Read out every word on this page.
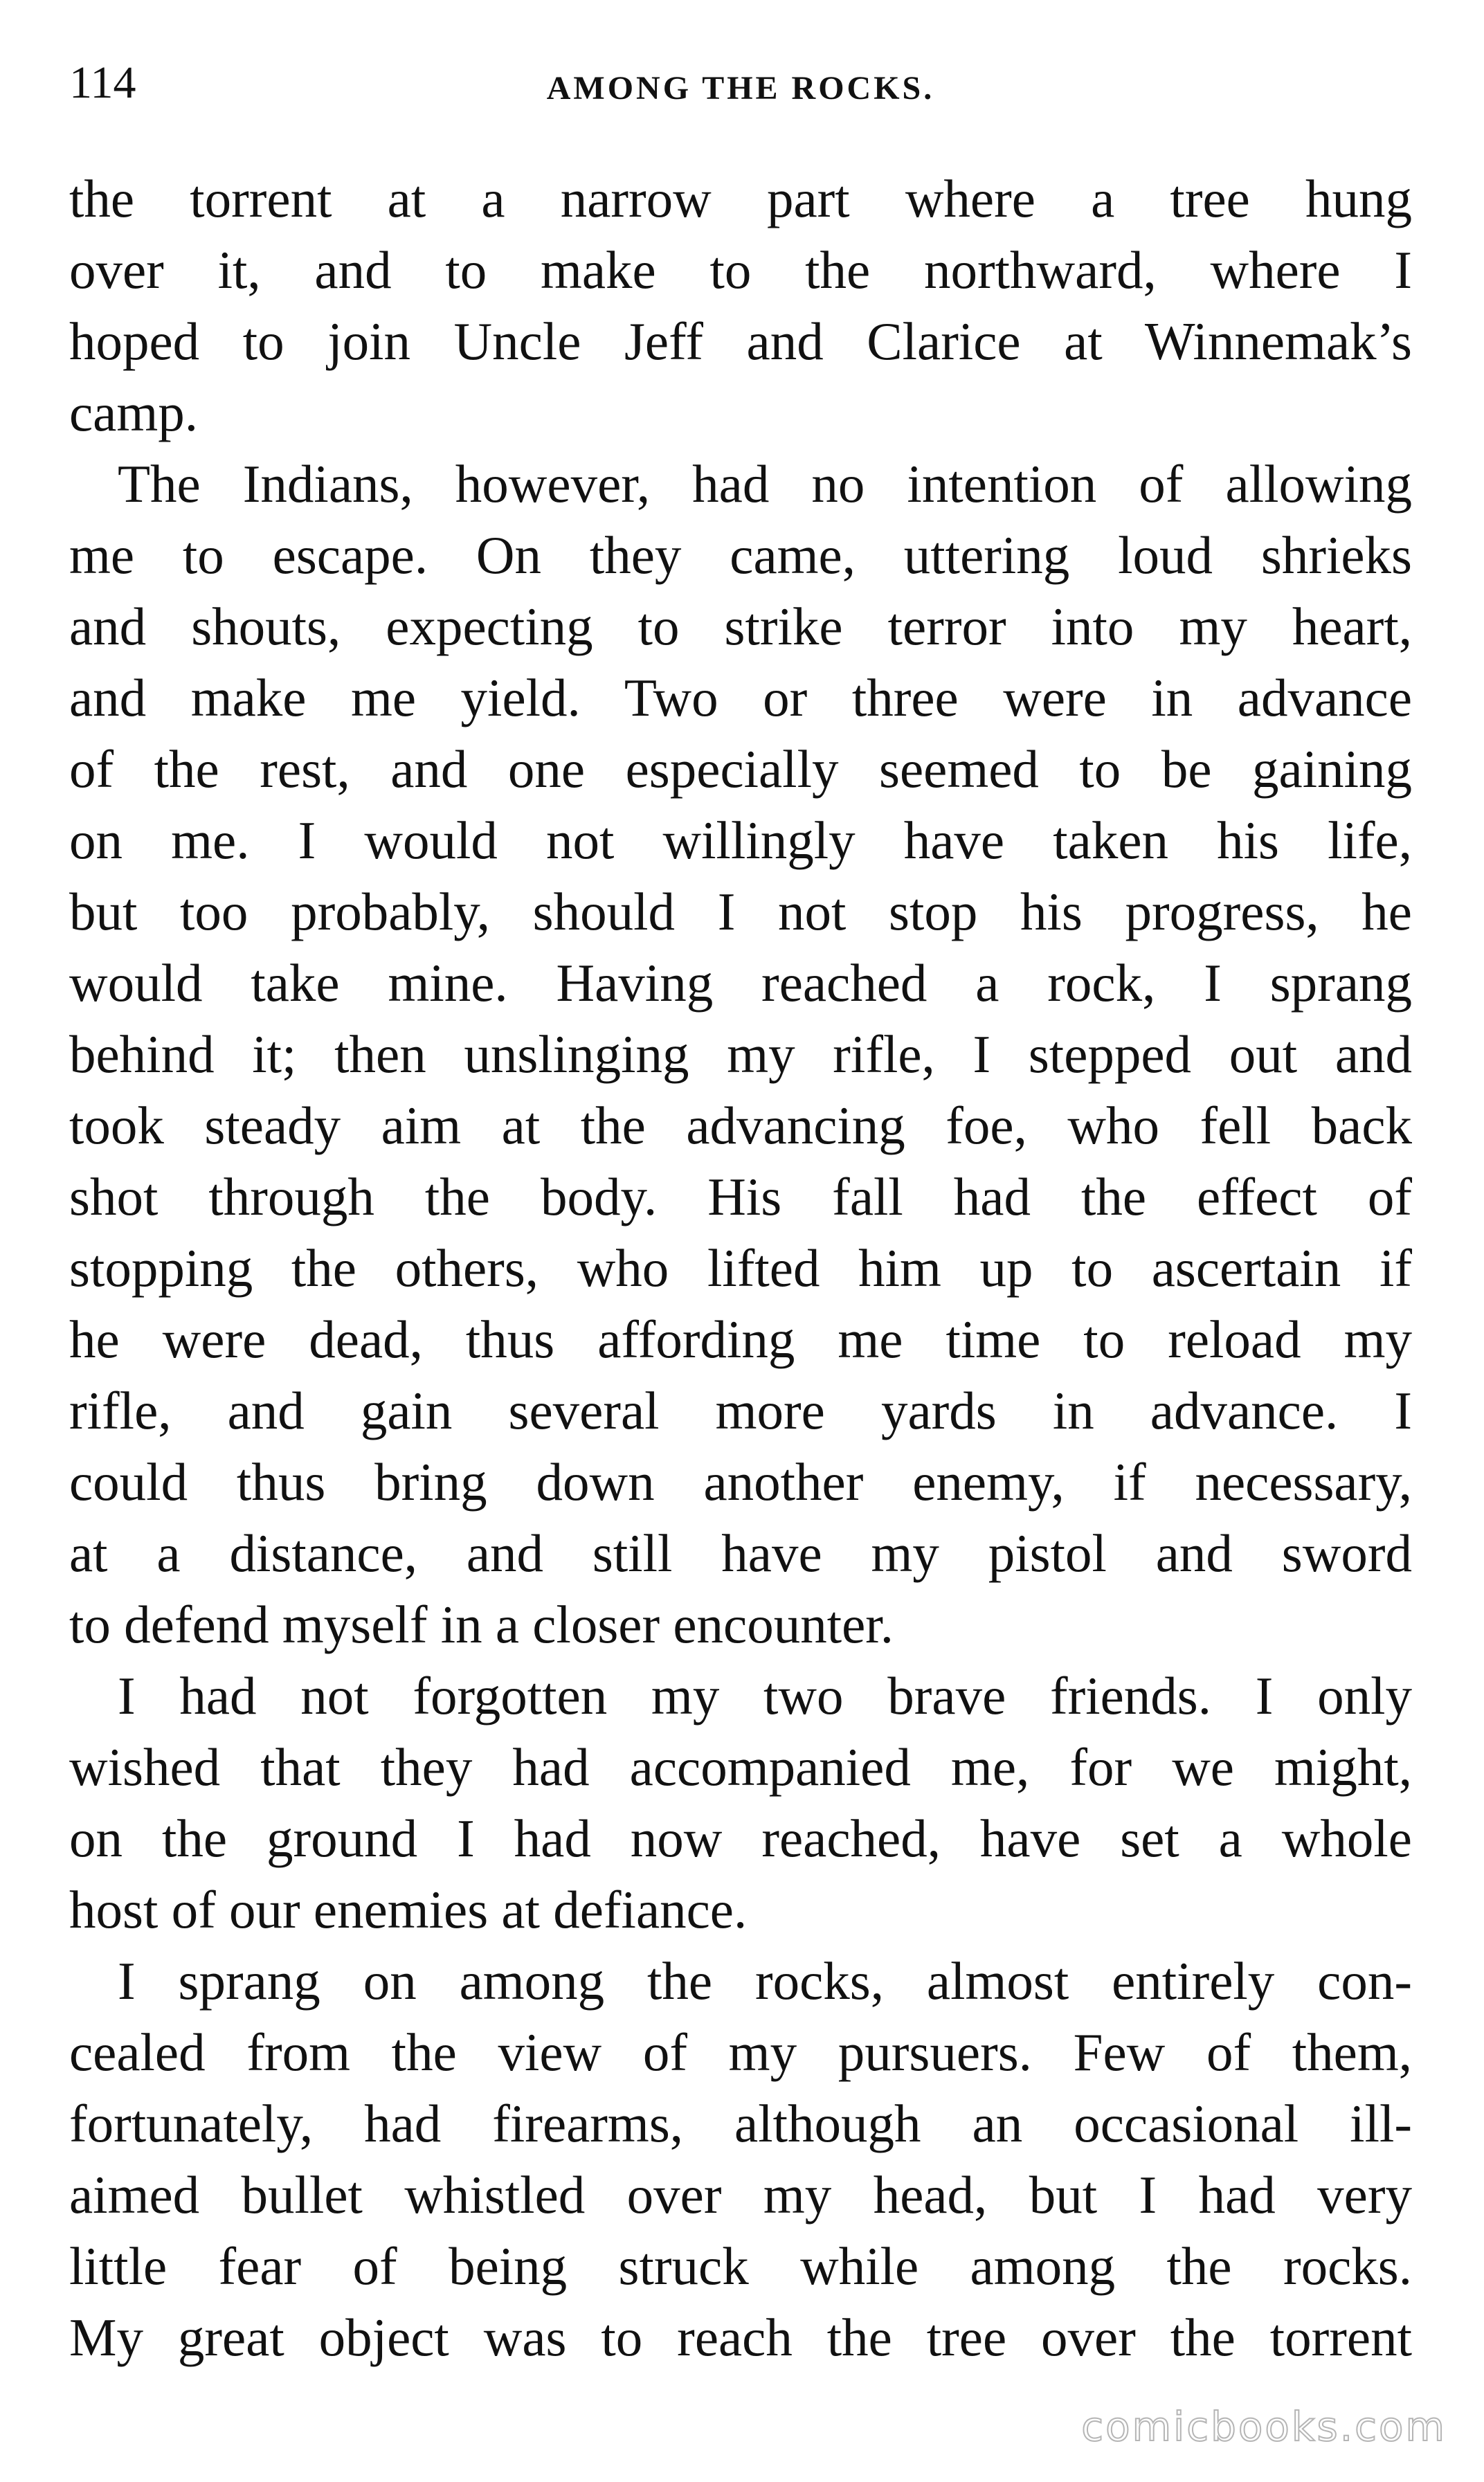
114	AMONG THE ROCKS.
the torrent at a narrow part where a tree hung
over it, and to make to the northward, where I
hoped to join Uncle Jeff and Clarice at Winnemak’s
camp.
The Indians, however, had no intention of allowing
me to escape. On they came, uttering loud shrieks
and shouts, expecting to strike terror into my heart,
and make me yield. Two or three were in advance
of the rest, and one especially seemed to be gaining
on me. I would not willingly have taken his life,
but too probably, should I not stop his progress, he
would take mine. Having reached a rock, I sprang
behind it; then unslinging my rifle, I stepped out and
took steady aim at the advancing foe, who fell back
shot through the body. His fall had the effect of
stopping the others, who lifted him up to ascertain if
he were dead, thus affording me time to reload my
rifle, and gain several more yards in advance. I
could thus bring down another enemy, if necessary,
at a distance, and still have my pistol and sword
to defend myself in a closer encounter.
I had not forgotten my two brave friends. I only
wished that they had accompanied me, for we might,
on the ground I had now reached, have set a whole
host of our enemies at defiance.
I sprang on among the rocks, almost entirely con-
cealed from the view of my pursuers. Few of them,
fortunately, had firearms, although an occasional ill-
aimed bullet whistled over my head, but I had very
little fear of being struck while among the rocks.
My great object was to reach the tree over the torrent
comicbooks.com
